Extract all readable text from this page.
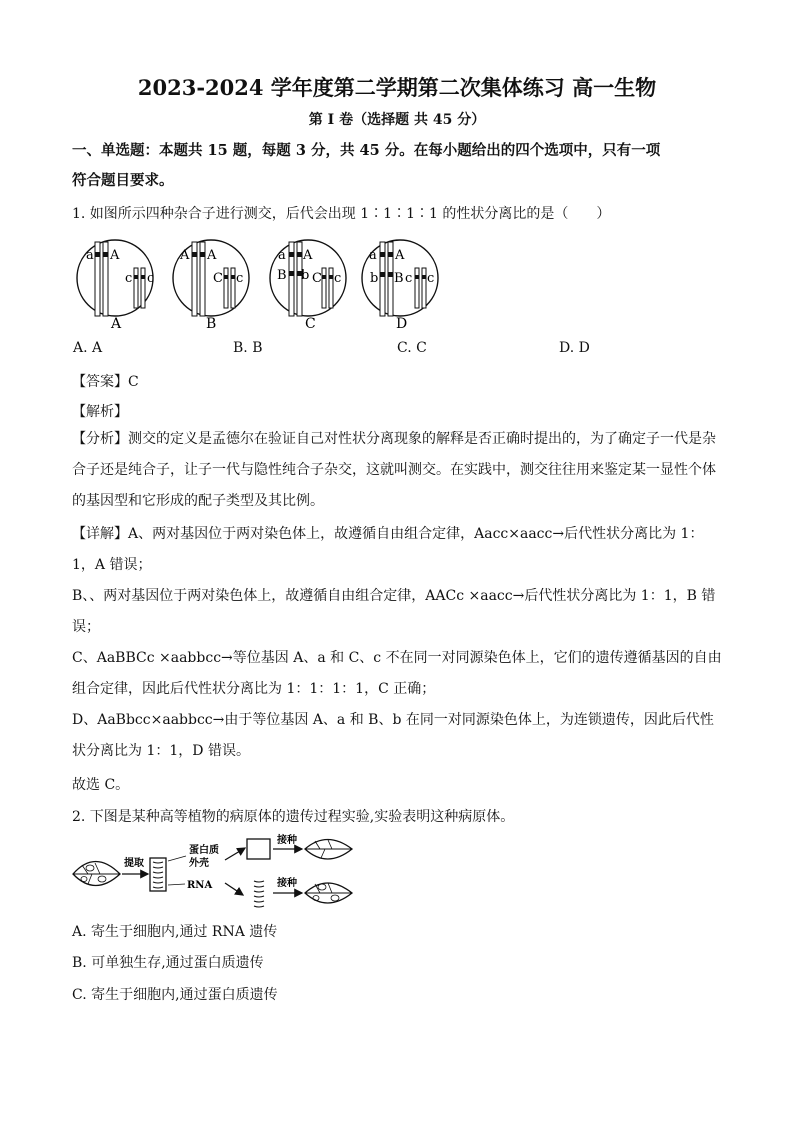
2023-2024 学年度第二学期第二次集体练习 高一生物
第 I 卷（选择题 共 45 分）
一、单选题：本题共 15 题，每题 3 分，共 45 分。在每小题给出的四个选项中，只有一项
符合题目要求。
1. 如图所示四种杂合子进行测交，后代会出现 1∶1∶1∶1 的性状分离比的是（　　）
a A
c c
A A
C c
a A
B b C c
a A
b B c c
A	B	C	D
A. A	B. B	C. C	D. D
【答案】C
【解析】
【分析】测交的定义是孟德尔在验证自己对性状分离现象的解释是否正确时提出的，为了确定子一代是杂合子还是纯合子，让子一代与隐性纯合子杂交，这就叫测交。在实践中，测交往往用来鉴定某一显性个体的基因型和它形成的配子类型及其比例。
【详解】A、两对基因位于两对染色体上，故遵循自由组合定律，Aacc×aacc→后代性状分离比为 1：1，A 错误；
B、、两对基因位于两对染色体上，故遵循自由组合定律，AACc ×aacc→后代性状分离比为 1：1，B 错误；
C、AaBBCc ×aabbcc→等位基因 A、a 和 C、c 不在同一对同源染色体上，它们的遗传遵循基因的自由组合定律，因此后代性状分离比为 1：1：1：1，C 正确；
D、AaBbcc×aabbcc→由于等位基因 A、a 和 B、b 在同一对同源染色体上，为连锁遗传，因此后代性状分离比为 1：1，D 错误。
故选 C。
2. 下图是某种高等植物的病原体的遗传过程实验,实验表明这种病原体。
提取
蛋白质
外壳
RNA
接种
接种
A. 寄生于细胞内,通过 RNA 遗传
B. 可单独生存,通过蛋白质遗传
C. 寄生于细胞内,通过蛋白质遗传
